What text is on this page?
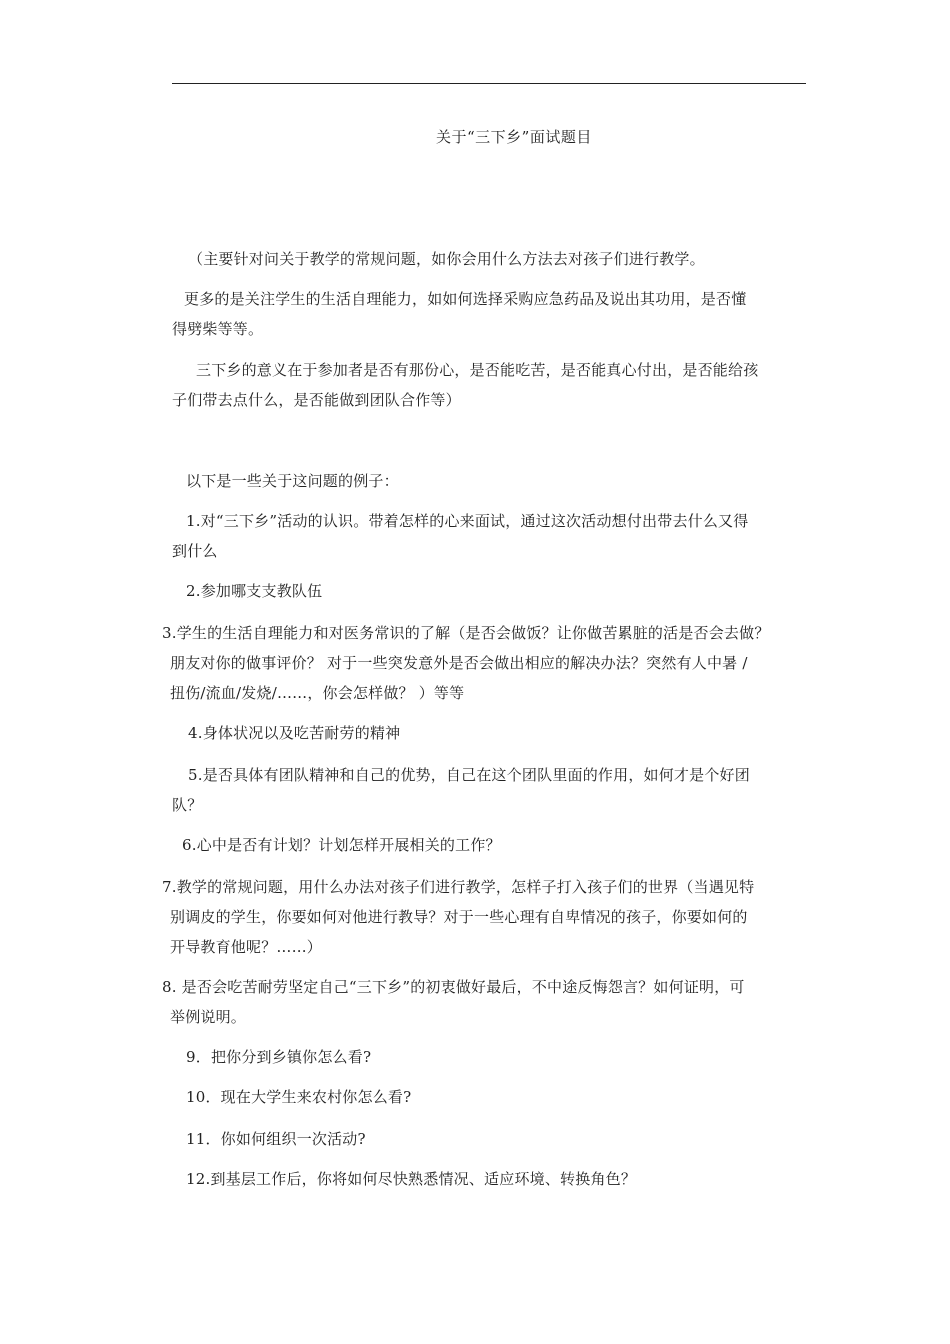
关于“三下乡”面试题目

（主要针对问关于教学的常规问题，如你会用什么方法去对孩子们进行教学。

更多的是关注学生的生活自理能力，如如何选择采购应急药品及说出其功用，是否懂

得劈柴等等。

三下乡的意义在于参加者是否有那份心，是否能吃苦，是否能真心付出，是否能给孩

子们带去点什么，是否能做到团队合作等）

以下是一些关于这问题的例子：

1.对“三下乡”活动的认识。带着怎样的心来面试，通过这次活动想付出带去什么又得

到什么

2.参加哪支支教队伍

3.学生的生活自理能力和对医务常识的了解（是否会做饭？让你做苦累脏的活是否会去做？

朋友对你的做事评价？ 对于一些突发意外是否会做出相应的解决办法？突然有人中暑 /

扭伤/流血/发烧/……，你会怎样做？ ）等等

4.身体状况以及吃苦耐劳的精神

5.是否具体有团队精神和自己的优势，自己在这个团队里面的作用，如何才是个好团

队？

6.心中是否有计划？计划怎样开展相关的工作？

7.教学的常规问题，用什么办法对孩子们进行教学，怎样子打入孩子们的世界（当遇见特

别调皮的学生，你要如何对他进行教导？对于一些心理有自卑情况的孩子，你要如何的

开导教育他呢？……）

8. 是否会吃苦耐劳坚定自己“三下乡”的初衷做好最后，不中途反悔怨言？如何证明，可

举例说明。

9．把你分到乡镇你怎么看?

10．现在大学生来农村你怎么看?

11．你如何组织一次活动?

12.到基层工作后，你将如何尽快熟悉情况、适应环境、转换角色？
